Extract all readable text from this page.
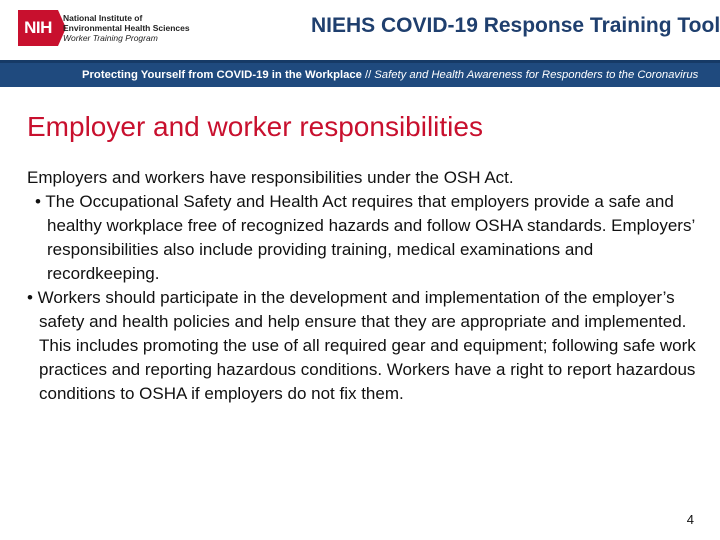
NIH National Institute of
Environmental Health Sciences
Worker Training Program
NIEHS COVID-19 Response Training Tool
Protecting Yourself from COVID-19 in the Workplace // Safety and Health Awareness for Responders to the Coronavirus
Employer and worker responsibilities
Employers and workers have responsibilities under the OSH Act.
• The Occupational Safety and Health Act requires that employers provide a safe and healthy workplace free of recognized hazards and follow OSHA standards. Employers’ responsibilities also include providing training, medical examinations and recordkeeping.
• Workers should participate in the development and implementation of the employer’s safety and health policies and help ensure that they are appropriate and implemented. This includes promoting the use of all required gear and equipment; following safe work practices and reporting hazardous conditions. Workers have a right to report hazardous conditions to OSHA if employers do not fix them.
4
